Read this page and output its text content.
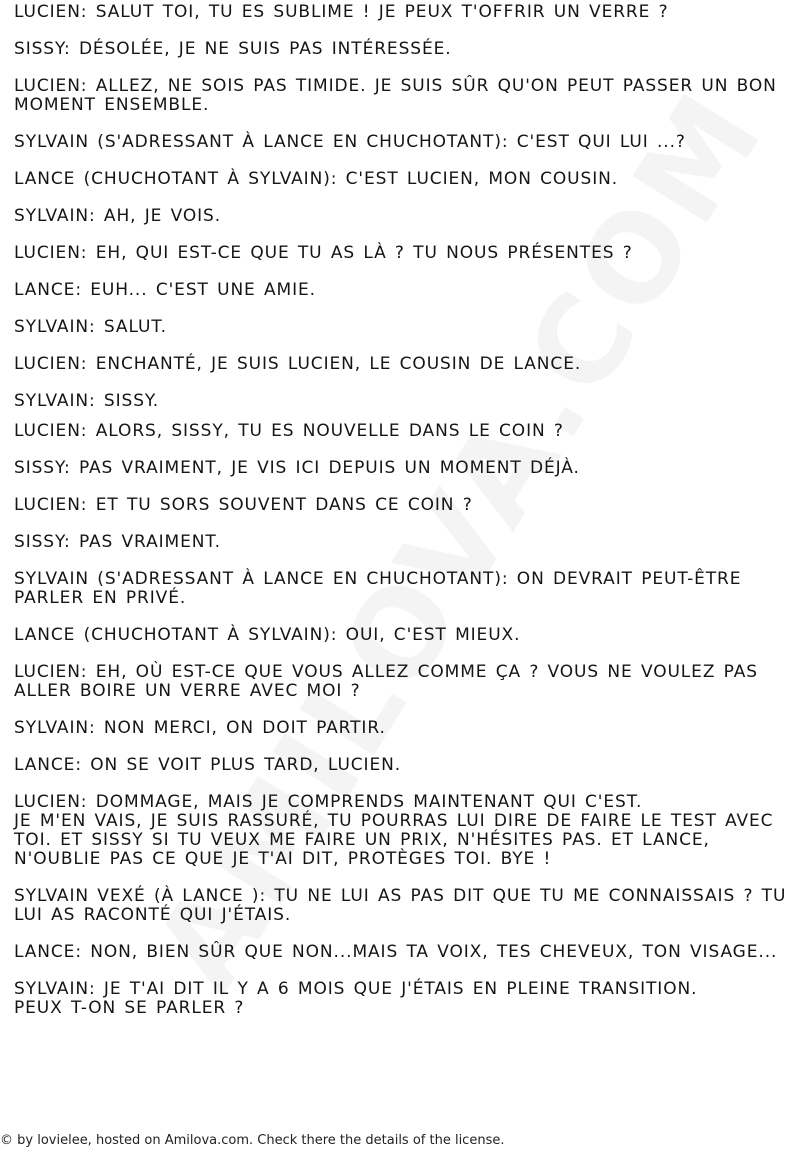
LUCIEN: SALUT TOI, TU ES SUBLIME ! JE PEUX T'OFFRIR UN VERRE ?
SISSY: DÉSOLÉE, JE NE SUIS PAS INTÉRESSÉE.
LUCIEN: ALLEZ, NE SOIS PAS TIMIDE. JE SUIS SÛR QU'ON PEUT PASSER UN BON MOMENT ENSEMBLE.
SYLVAIN (S'ADRESSANT À LANCE EN CHUCHOTANT): C'EST QUI LUI ...?
LANCE (CHUCHOTANT À SYLVAIN): C'EST LUCIEN, MON COUSIN.
SYLVAIN: AH, JE VOIS.
LUCIEN: EH, QUI EST-CE QUE TU AS LÀ ? TU NOUS PRÉSENTES ?
LANCE: EUH... C'EST UNE AMIE.
SYLVAIN: SALUT.
LUCIEN: ENCHANTÉ, JE SUIS LUCIEN, LE COUSIN DE LANCE.
SYLVAIN: SISSY.
LUCIEN: ALORS, SISSY, TU ES NOUVELLE DANS LE COIN ?
SISSY: PAS VRAIMENT, JE VIS ICI DEPUIS UN MOMENT DÉJÀ.
LUCIEN: ET TU SORS SOUVENT DANS CE COIN ?
SISSY: PAS VRAIMENT.
SYLVAIN (S'ADRESSANT À LANCE EN CHUCHOTANT): ON DEVRAIT PEUT-ÊTRE PARLER EN PRIVÉ.
LANCE (CHUCHOTANT À SYLVAIN): OUI, C'EST MIEUX.
LUCIEN: EH, OÙ EST-CE QUE VOUS ALLEZ COMME ÇA ? VOUS NE VOULEZ PAS ALLER BOIRE UN VERRE AVEC MOI ?
SYLVAIN: NON MERCI, ON DOIT PARTIR.
LANCE: ON SE VOIT PLUS TARD, LUCIEN.
LUCIEN: DOMMAGE, MAIS JE COMPRENDS MAINTENANT QUI C'EST.
JE M'EN VAIS, JE SUIS RASSURÉ, TU POURRAS LUI DIRE DE FAIRE LE TEST AVEC TOI. ET SISSY SI TU VEUX ME FAIRE UN PRIX, N'HÉSITES PAS. ET LANCE, N'OUBLIE PAS CE QUE JE T'AI DIT, PROTÈGES TOI. BYE !
SYLVAIN VEXÉ (À LANCE ): TU NE LUI AS PAS DIT QUE TU ME CONNAISSAIS ? TU LUI AS RACONTÉ QUI J'ÉTAIS.
LANCE: NON, BIEN SÛR QUE NON...MAIS TA VOIX, TES CHEVEUX, TON VISAGE...
SYLVAIN: JE T'AI DIT IL Y A 6 MOIS QUE J'ÉTAIS EN PLEINE TRANSITION.
PEUX T-ON SE PARLER ?
© by lovielee, hosted on Amilova.com. Check there the details of the license.
